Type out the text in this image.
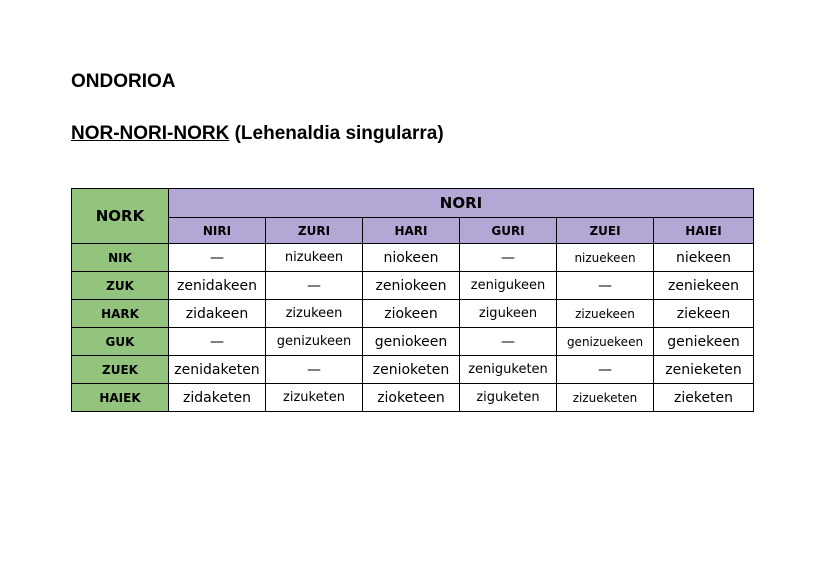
ONDORIOA
NOR-NORI-NORK (Lehenaldia singularra)
NORK	NORI					
	NIRI	ZURI	HARI	GURI	ZUEI	HAIEI
NIK	—	nizukeen	niokeen	—	nizuekeen	niekeen
ZUK	zenidakeen	—	zeniokeen	zenigukeen	—	zeniekeen
HARK	zidakeen	zizukeen	ziokeen	zigukeen	zizuekeen	ziekeen
GUK	—	genizukeen	geniokeen	—	genizuekeen	geniekeen
ZUEK	zenidaketen	—	zenioketen	zeniguketen	—	zenieketen
HAIEK	zidaketen	zizuketen	zioketeen	ziguketen	zizueketen	zieketen
